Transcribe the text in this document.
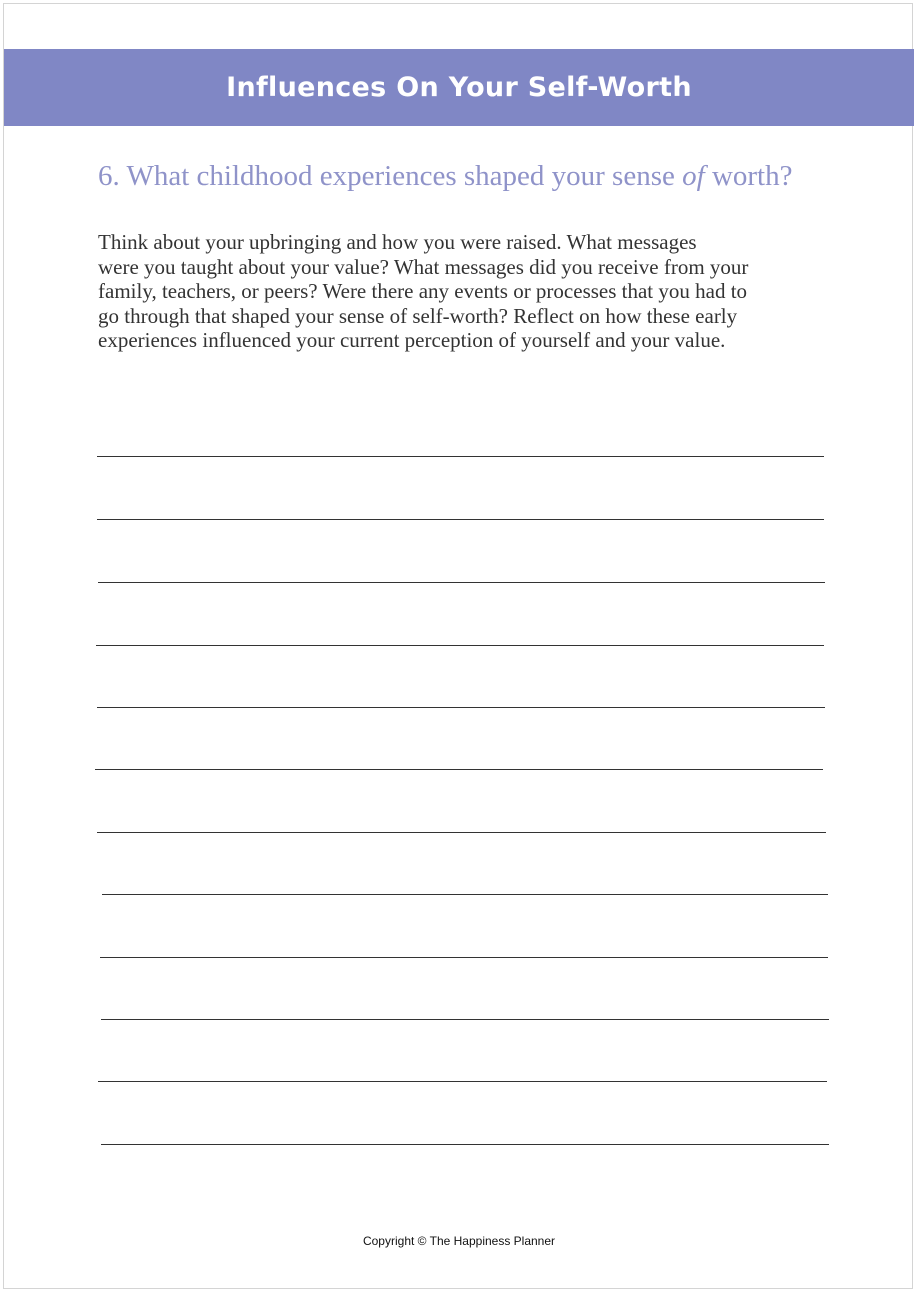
Influences On Your Self-Worth
6. What childhood experiences shaped your sense of worth?
Think about your upbringing and how you were raised. What messages
were you taught about your value? What messages did you receive from your
family, teachers, or peers? Were there any events or processes that you had to
go through that shaped your sense of self-worth? Reflect on how these early
experiences influenced your current perception of yourself and your value.
Copyright © The Happiness Planner
